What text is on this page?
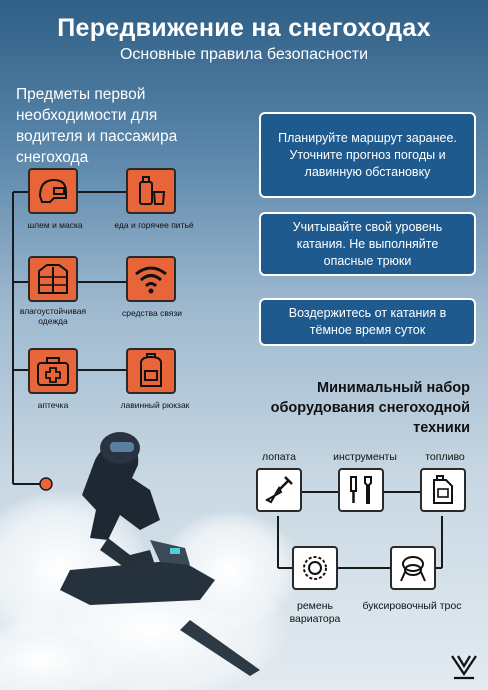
Передвижение на снегоходах
Основные правила безопасности
Предметы первой необходимости для водителя и пассажира снегохода
шлем и маска	еда и горячее питьё
влагоустойчивая одежда
средства связи
аптечка	лавинный рюкзак
Планируйте маршрут заранее. Уточните прогноз погоды и лавинную обстановку
Учитывайте свой уровень катания. Не выполняйте опасные трюки
Воздержитесь от катания в тёмное время суток
Минимальный набор оборудования снегоходной техники
лопата	инструменты	топливо
ремень вариатора
буксировочный трос
